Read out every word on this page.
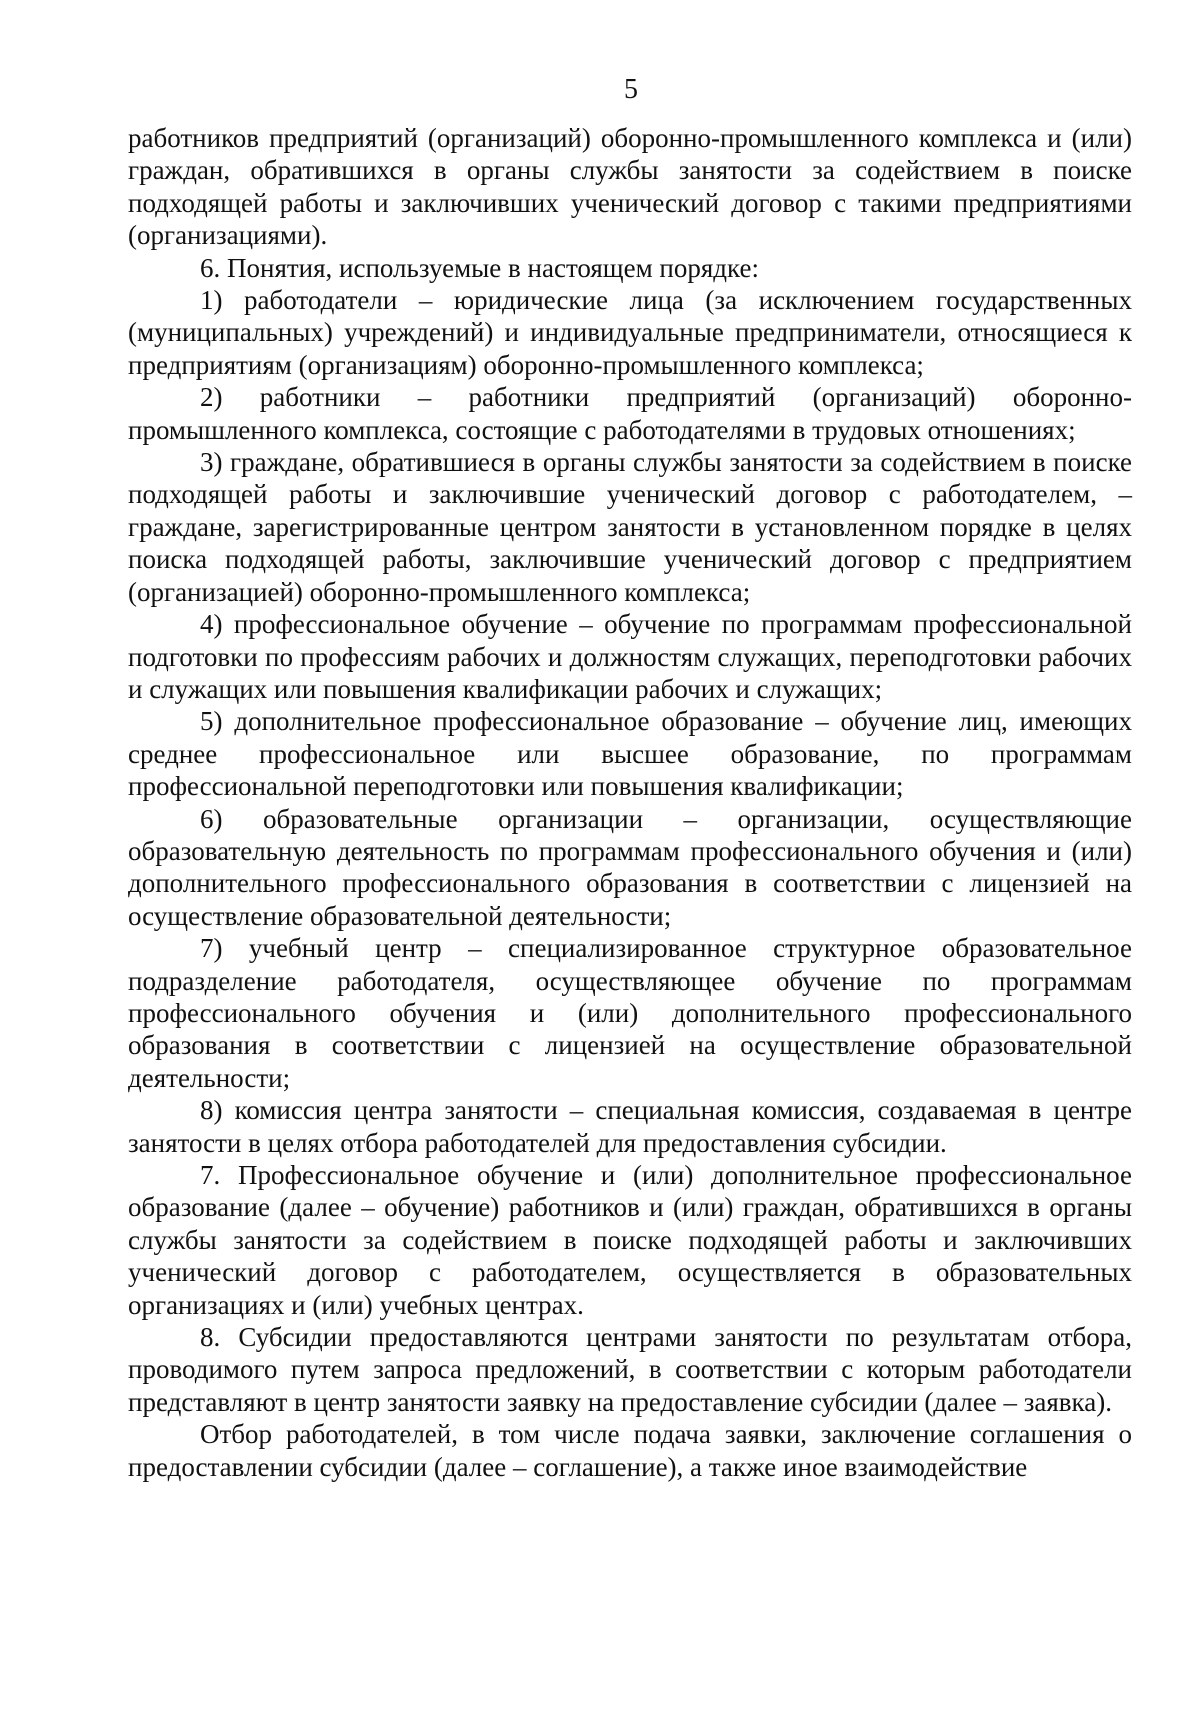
5

работников предприятий (организаций) оборонно-промышленного комплекса и (или) граждан, обратившихся в органы службы занятости за содействием в поиске подходящей работы и заключивших ученический договор с такими предприятиями (организациями).

6. Понятия, используемые в настоящем порядке:

1) работодатели – юридические лица (за исключением государственных (муниципальных) учреждений) и индивидуальные предприниматели, относящиеся к предприятиям (организациям) оборонно-промышленного комплекса;

2) работники – работники предприятий (организаций) оборонно-промышленного комплекса, состоящие с работодателями в трудовых отношениях;

3) граждане, обратившиеся в органы службы занятости за содействием в поиске подходящей работы и заключившие ученический договор с работодателем, – граждане, зарегистрированные центром занятости в установленном порядке в целях поиска подходящей работы, заключившие ученический договор с предприятием (организацией) оборонно-промышленного комплекса;

4) профессиональное обучение – обучение по программам профессиональной подготовки по профессиям рабочих и должностям служащих, переподготовки рабочих и служащих или повышения квалификации рабочих и служащих;

5) дополнительное профессиональное образование – обучение лиц, имеющих среднее профессиональное или высшее образование, по программам профессиональной переподготовки или повышения квалификации;

6) образовательные организации – организации, осуществляющие образовательную деятельность по программам профессионального обучения и (или) дополнительного профессионального образования в соответствии с лицензией на осуществление образовательной деятельности;

7) учебный центр – специализированное структурное образовательное подразделение работодателя, осуществляющее обучение по программам профессионального обучения и (или) дополнительного профессионального образования в соответствии с лицензией на осуществление образовательной деятельности;

8) комиссия центра занятости – специальная комиссия, создаваемая в центре занятости в целях отбора работодателей для предоставления субсидии.

7. Профессиональное обучение и (или) дополнительное профессиональное образование (далее – обучение) работников и (или) граждан, обратившихся в органы службы занятости за содействием в поиске подходящей работы и заключивших ученический договор с работодателем, осуществляется в образовательных организациях и (или) учебных центрах.

8. Субсидии предоставляются центрами занятости по результатам отбора, проводимого путем запроса предложений, в соответствии с которым работодатели представляют в центр занятости заявку на предоставление субсидии (далее – заявка).

Отбор работодателей, в том числе подача заявки, заключение соглашения о предоставлении субсидии (далее – соглашение), а также иное взаимодействие
